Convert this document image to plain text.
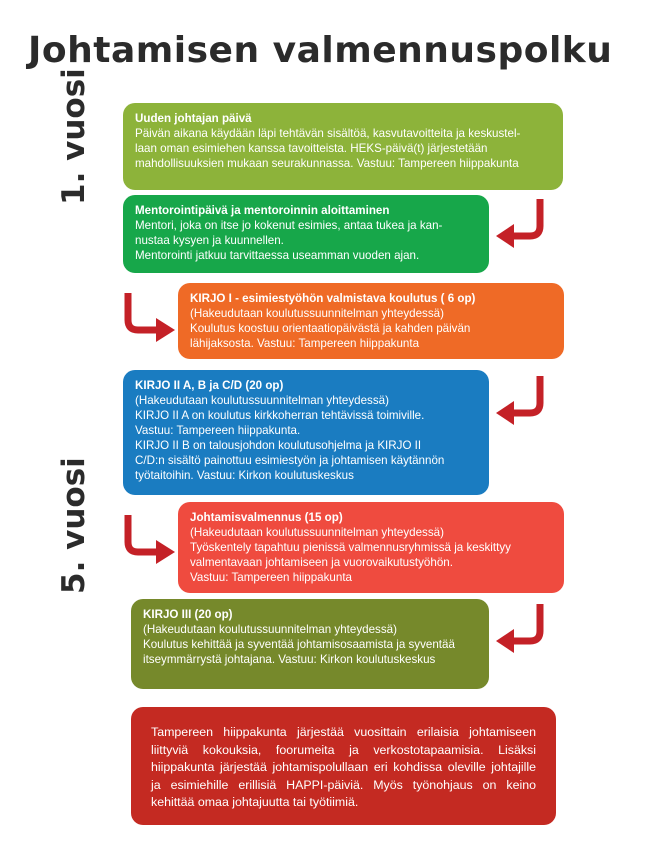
Johtamisen valmennuspolku
1. vuosi
5. vuosi
Uuden johtajan päivä
Päivän aikana käydään läpi tehtävän sisältöä, kasvutavoitteita ja keskustel-
laan oman esimiehen kanssa tavoitteista. HEKS-päivä(t) järjestetään
mahdollisuuksien mukaan seurakunnassa. Vastuu: Tampereen hiippakunta
Mentorointipäivä ja mentoroinnin aloittaminen
Mentori, joka on itse jo kokenut esimies, antaa tukea ja kan-
nustaa kysyen ja kuunnellen.
Mentorointi jatkuu tarvittaessa useamman vuoden ajan.
KIRJO I - esimiestyöhön valmistava koulutus ( 6 op)
(Hakeudutaan koulutussuunnitelman yhteydessä)
Koulutus koostuu orientaatiopäivästä ja kahden päivän
lähijaksosta. Vastuu: Tampereen hiippakunta
KIRJO II A, B ja C/D (20 op)
(Hakeudutaan koulutussuunnitelman yhteydessä)
KIRJO II A on koulutus kirkkoherran tehtävissä toimiville.
Vastuu: Tampereen hiippakunta.
KIRJO II B on talousjohdon koulutusohjelma ja KIRJO II
C/D:n sisältö painottuu esimiestyön ja johtamisen käytännön
työtaitoihin. Vastuu: Kirkon koulutuskeskus
Johtamisvalmennus (15 op)
(Hakeudutaan koulutussuunnitelman yhteydessä)
Työskentely tapahtuu pienissä valmennusryhmissä ja keskittyy
valmentavaan johtamiseen ja vuorovaikutustyöhön.
Vastuu: Tampereen hiippakunta
KIRJO III (20 op)
(Hakeudutaan koulutussuunnitelman yhteydessä)
Koulutus kehittää ja syventää johtamisosaamista ja syventää
itseymmärrystä johtajana. Vastuu: Kirkon koulutuskeskus
Tampereen hiippakunta järjestää vuosittain erilaisia johtamiseen liittyviä kokouksia, foorumeita ja verkostotapaamisia. Lisäksi hiippakunta järjestää johtamispolullaan eri kohdissa oleville johtajille ja esimiehille erillisiä HAPPI-päiviä. Myös työnohjaus on keino kehittää omaa johtajuutta tai työtiimiä.
